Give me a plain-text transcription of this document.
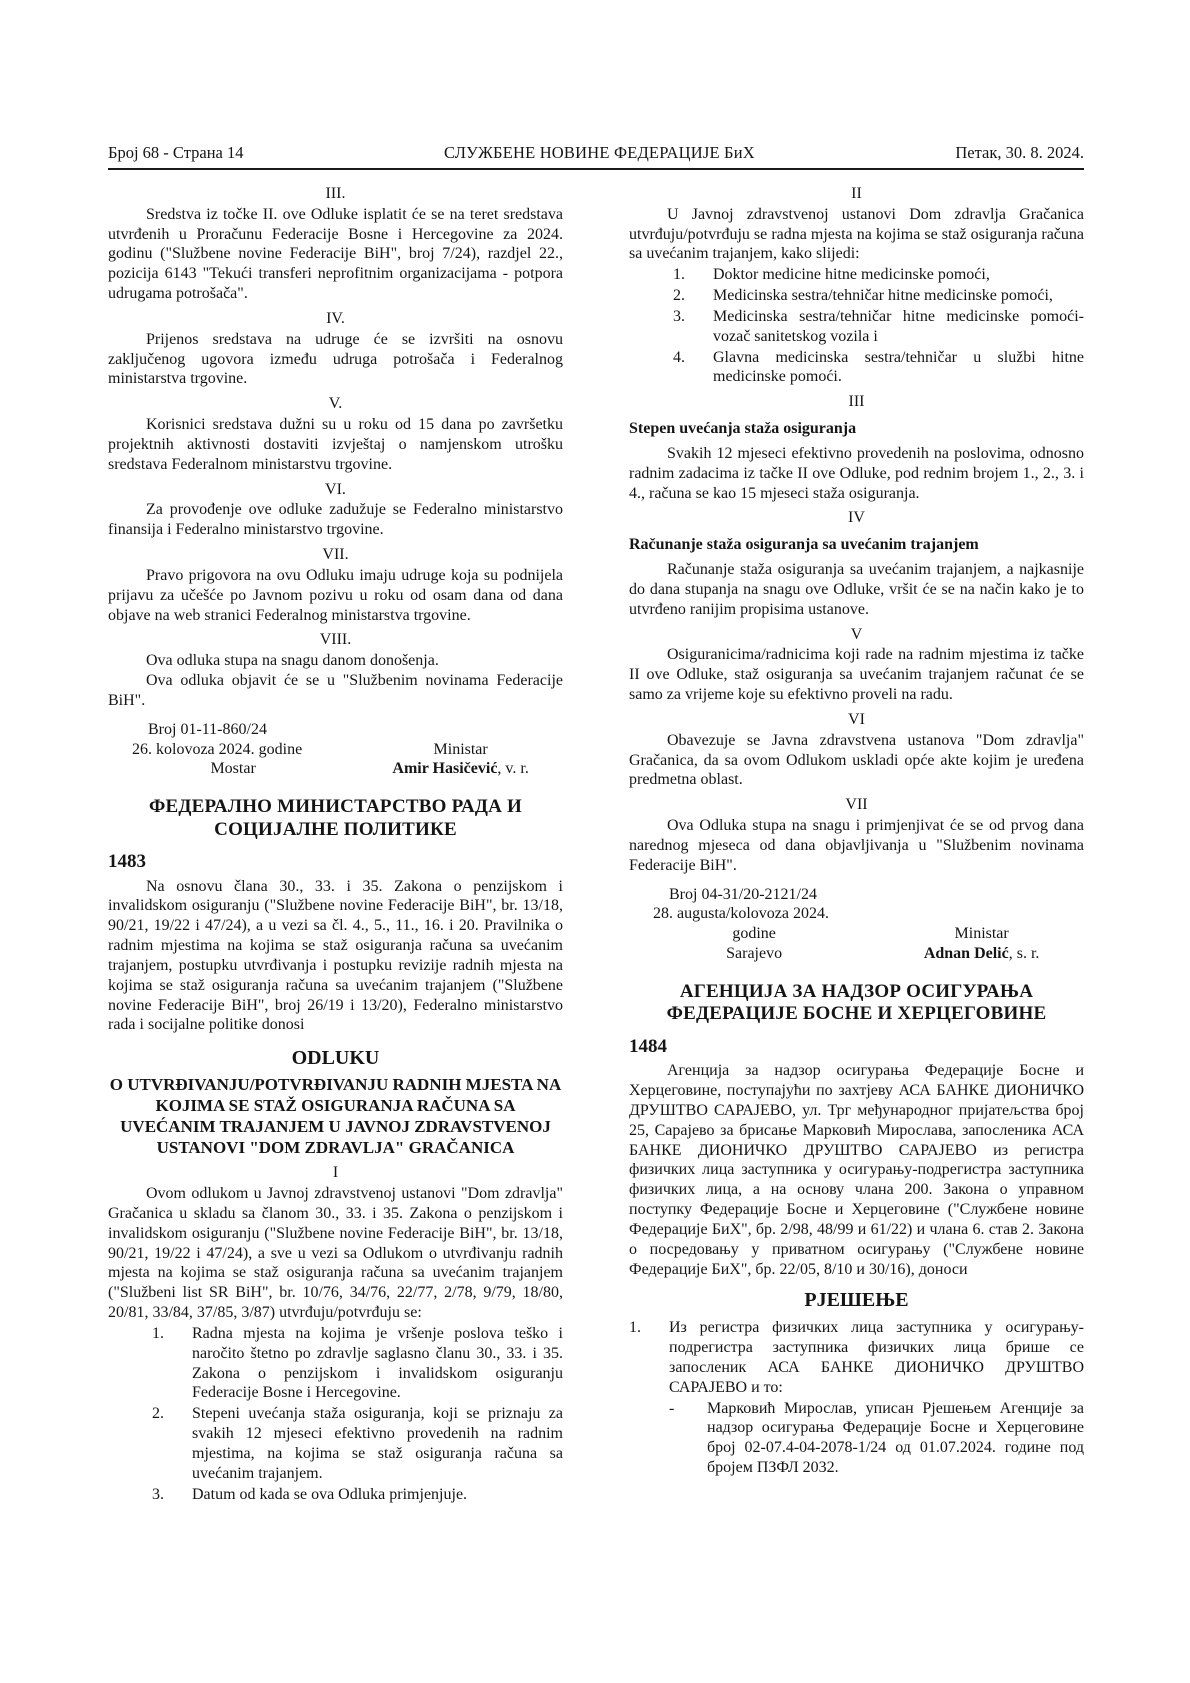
Број 68 - Страна 14	СЛУЖБЕНЕ НОВИНЕ ФЕДЕРАЦИЈЕ БиХ	Петак, 30. 8. 2024.
III.

Sredstva iz točke II. ove Odluke isplatit će se na teret sredstava utvrđenih u Proračunu Federacije Bosne i Hercegovine za 2024. godinu ("Službene novine Federacije BiH", broj 7/24), razdjel 22., pozicija 6143 "Tekući transferi neprofitnim organizacijama - potpora udrugama potrošača".

IV.

Prijenos sredstava na udruge će se izvršiti na osnovu zaključenog ugovora između udruga potrošača i Federalnog ministarstva trgovine.

V.

Korisnici sredstava dužni su u roku od 15 dana po završetku projektnih aktivnosti dostaviti izvještaj o namjenskom utrošku sredstava Federalnom ministarstvu trgovine.

VI.

Za provođenje ove odluke zadužuje se Federalno ministarstvo finansija i Federalno ministarstvo trgovine.

VII.

Pravo prigovora na ovu Odluku imaju udruge koja su podnijela prijavu za učešće po Javnom pozivu u roku od osam dana od dana objave na web stranici Federalnog ministarstva trgovine.

VIII.

Ova odluka stupa na snagu danom donošenja.

Ova odluka objavit će se u "Službenim novinama Federacije BiH".

Broj 01-11-860/24
26. kolovoza 2024. godine
Mostar
Ministar
Amir Hasičević, v. r.
ФЕДЕРАЛНО МИНИСТАРСТВО РАДА И СОЦИЈАЛНЕ ПОЛИТИКЕ
1483

Na osnovu člana 30., 33. i 35. Zakona o penzijskom i invalidskom osiguranju ("Službene novine Federacije BiH", br. 13/18, 90/21, 19/22 i 47/24), a u vezi sa čl. 4., 5., 11., 16. i 20. Pravilnika o radnim mjestima na kojima se staž osiguranja računa sa uvećanim trajanjem, postupku utvrđivanja i postupku revizije radnih mjesta na kojima se staž osiguranja računa sa uvećanim trajanjem ("Službene novine Federacije BiH", broj 26/19 i 13/20), Federalno ministarstvo rada i socijalne politike donosi

ODLUKU
O UTVRĐIVANJU/POTVRĐIVANJU RADNIH MJESTA NA KOJIMA SE STAŽ OSIGURANJA RAČUNA SA UVEĆANIM TRAJANJEM U JAVNOJ ZDRAVSTVENOJ USTANOVI "DOM ZDRAVLJA" GRAČANICA
I

Ovom odlukom u Javnoj zdravstvenoj ustanovi "Dom zdravlja" Gračanica u skladu sa članom 30., 33. i 35. Zakona o penzijskom i invalidskom osiguranju ("Službene novine Federacije BiH", br. 13/18, 90/21, 19/22 i 47/24), a sve u vezi sa Odlukom o utvrđivanju radnih mjesta na kojima se staž osiguranja računa sa uvećanim trajanjem ("Službeni list SR BiH", br. 10/76, 34/76, 22/77, 2/78, 9/79, 18/80, 20/81, 33/84, 37/85, 3/87) utvrđuju/potvrđuju se:

1.	Radna mjesta na kojima je vršenje poslova teško i naročito štetno po zdravlje saglasno članu 30., 33. i 35. Zakona o penzijskom i invalidskom osiguranju Federacije Bosne i Hercegovine.
2.	Stepeni uvećanja staža osiguranja, koji se priznaju za svakih 12 mjeseci efektivno provedenih na radnim mjestima, na kojima se staž osiguranja računa sa uvećanim trajanjem.
3.	Datum od kada se ova Odluka primjenjuje.
II

U Javnoj zdravstvenoj ustanovi Dom zdravlja Gračanica utvrđuju/potvrđuju se radna mjesta na kojima se staž osiguranja računa sa uvećanim trajanjem, kako slijedi:

1.	Doktor medicine hitne medicinske pomoći,
2.	Medicinska sestra/tehničar hitne medicinske pomoći,
3.	Medicinska sestra/tehničar hitne medicinske pomoći-vozač sanitetskog vozila i
4.	Glavna medicinska sestra/tehničar u službi hitne medicinske pomoći.
III
Stepen uvećanja staža osiguranja

Svakih 12 mjeseci efektivno provedenih na poslovima, odnosno radnim zadacima iz tačke II ove Odluke, pod rednim brojem 1., 2., 3. i 4., računa se kao 15 mjeseci staža osiguranja.

IV
Računanje staža osiguranja sa uvećanim trajanjem

Računanje staža osiguranja sa uvećanim trajanjem, a najkasnije do dana stupanja na snagu ove Odluke, vršit će se na način kako je to utvrđeno ranijim propisima ustanove.

V

Osiguranicima/radnicima koji rade na radnim mjestima iz tačke II ove Odluke, staž osiguranja sa uvećanim trajanjem računat će se samo za vrijeme koje su efektivno proveli na radu.

VI

Obavezuje se Javna zdravstvena ustanova "Dom zdravlja" Gračanica, da sa ovom Odlukom uskladi opće akte kojim je uređena predmetna oblast.

VII

Ova Odluka stupa na snagu i primjenjivat će se od prvog dana narednog mjeseca od dana objavljivanja u "Službenim novinama Federacije BiH".

Broj 04-31/20-2121/24
28. augusta/kolovoza 2024.
godine
Sarajevo
Ministar
Adnan Delić, s. r.
АГЕНЦИЈА ЗА НАДЗОР ОСИГУРАЊА ФЕДЕРАЦИЈЕ БОСНЕ И ХЕРЦЕГОВИНЕ
1484

Агенција за надзор осигурања Федерације Босне и Херцеговине, поступајући по захтјеву АСА БАНКЕ ДИОНИЧКО ДРУШТВО САРАЈЕВО, ул. Трг међународног пријатељства број 25, Сарајево за брисање Марковић Мирослава, запосленика АСА БАНКЕ ДИОНИЧКО ДРУШТВО САРАЈЕВО из регистра физичких лица заступника у осигурању-подрегистра заступника физичких лица, а на основу члана 200. Закона о управном поступку Федерације Босне и Херцеговине ("Службене новине Федерације БиХ", бр. 2/98, 48/99 и 61/22) и члана 6. став 2. Закона о посредовању у приватном осигурању ("Службене новине Федерације БиХ", бр. 22/05, 8/10 и 30/16), доноси

РЈЕШЕЊЕ
1.	Из регистра физичких лица заступника у осигурању-подрегистра заступника физичких лица брише се запосленик АСА БАНКЕ ДИОНИЧКО ДРУШТВО САРАЈЕВО и то:
-	Марковић Мирослав, уписан Рјешењем Агенције за надзор осигурања Федерације Босне и Херцеговине број 02-07.4-04-2078-1/24 од 01.07.2024. године под бројем ПЗФЛ 2032.
